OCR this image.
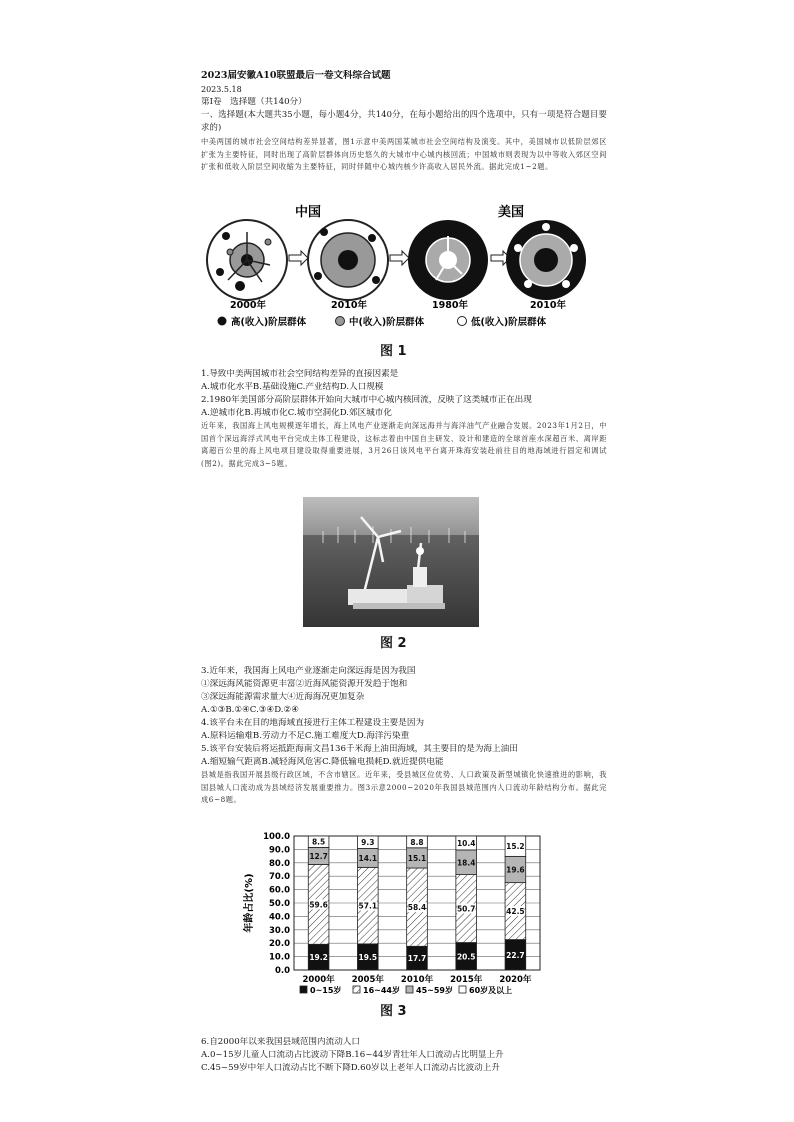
2023届安徽A10联盟最后一卷文科综合试题
2023.5.18
第Ⅰ卷　选择题（共140分）
一、选择题(本大题共35小题，每小题4分，共140分，在每小题给出的四个选项中，只有一项是符合题目要求的)
中美两国的城市社会空间结构差异显著，图1示意中美两国某城市社会空间结构及演变。其中，美国城市以低阶层郊区扩张为主要特征，同时出现了高阶层群体向历史悠久的大城市中心城内核回流；中国城市则表现为以中等收入郊区空间扩张和低收入阶层空间收缩为主要特征，同时伴随中心城内核少许高收入居民外流。据此完成1~2题。
中国	美国
2000年	2010年	1980年	2010年
高(收入)阶层群体	中(收入)阶层群体	低(收入)阶层群体
图 1
1.导致中美两国城市社会空间结构差异的直接因素是
A.城市化水平B.基础设施C.产业结构D.人口规模
2.1980年美国部分高阶层群体开始向大城市中心城内核回流，反映了这类城市正在出现
A.逆城市化B.再城市化C.城市空洞化D.郊区城市化
近年来，我国海上风电规模逐年增长，海上风电产业逐渐走向深远海并与海洋油气产业融合发展。2023年1月2日，中国首个深远海浮式风电平台完成主体工程建设，这标志着由中国自主研发、设计和建造的全球首座水深超百米、离岸距离超百公里的海上风电项目建设取得重要进展，3月26日该风电平台离开珠海安装赴前往目的地海域进行固定和调试(图2)。据此完成3~5题。
图 2
3.近年来，我国海上风电产业逐渐走向深远海是因为我国
①深远海风能资源更丰富②近海风能资源开发趋于饱和
③深远海能源需求量大④近海海况更加复杂
A.①③B.①④C.③④D.②④
4.该平台未在目的地海域直接进行主体工程建设主要是因为
A.原料运输难B.劳动力不足C.施工难度大D.海洋污染重
5.该平台安装后将运抵距海南文昌136千米海上油田海域，其主要目的是为海上油田
A.缩短输气距离B.减轻海风危害C.降低输电损耗D.就近提供电能
县城是指我国开展县级行政区域，不含市辖区。近年来，受县城区位优势、人口政策及新型城镇化快速推进的影响，我国县城人口流动成为县域经济发展重要推力。图3示意2000~2020年我国县城范围内人口流动年龄结构分布。据此完成6~8题。
0.0
10.0
20.0
30.0
40.0
50.0
60.0
70.0
80.0
90.0
100.0
年龄占比(%)
19.2
59.6
12.7
8.5
2000年
19.5
57.1
14.1
9.3
2005年
17.7
58.4
15.1
8.8
2010年
20.5
50.7
18.4
10.4
2015年
22.7
42.5
19.6
15.2
2020年
0~15岁	16~44岁 45~59岁 60岁及以上
图 3
6.自2000年以来我国县域范围内流动人口
A.0~15岁儿童人口流动占比波动下降B.16~44岁青壮年人口流动占比明显上升
C.45~59岁中年人口流动占比不断下降D.60岁以上老年人口流动占比波动上升
